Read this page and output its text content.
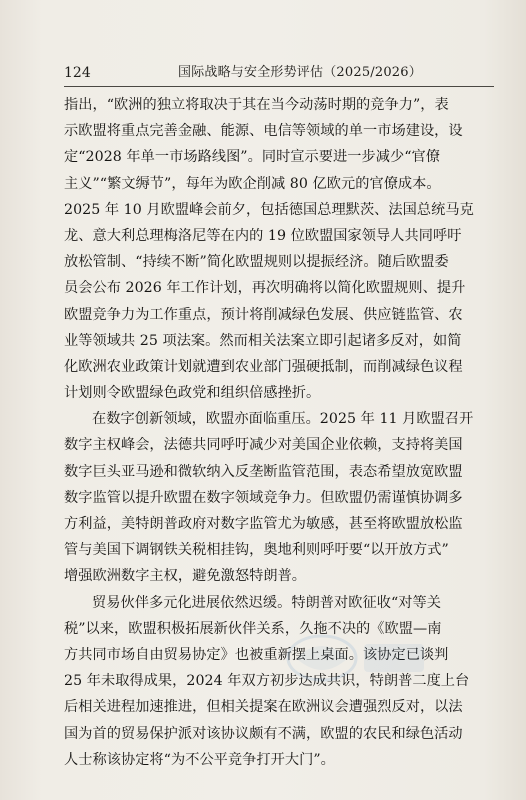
124	国际战略与安全形势评估（2025/2026）
指出，“欧洲的独立将取决于其在当今动荡时期的竞争力”，表
示欧盟将重点完善金融、能源、电信等领域的单一市场建设，设
定“2028 年单一市场路线图”。同时宣示要进一步减少“官僚
主义”“繁文缛节”，每年为欧企削减 80 亿欧元的官僚成本。
2025 年 10 月欧盟峰会前夕，包括德国总理默茨、法国总统马克
龙、意大利总理梅洛尼等在内的 19 位欧盟国家领导人共同呼吁
放松管制、“持续不断”简化欧盟规则以提振经济。随后欧盟委
员会公布 2026 年工作计划，再次明确将以简化欧盟规则、提升
欧盟竞争力为工作重点，预计将削减绿色发展、供应链监管、农
业等领域共 25 项法案。然而相关法案立即引起诸多反对，如简
化欧洲农业政策计划就遭到农业部门强硬抵制，而削减绿色议程
计划则令欧盟绿色政党和组织倍感挫折。
在数字创新领域，欧盟亦面临重压。2025 年 11 月欧盟召开
数字主权峰会，法德共同呼吁减少对美国企业依赖，支持将美国
数字巨头亚马逊和微软纳入反垄断监管范围，表态希望放宽欧盟
数字监管以提升欧盟在数字领域竞争力。但欧盟仍需谨慎协调多
方利益，美特朗普政府对数字监管尤为敏感，甚至将欧盟放松监
管与美国下调钢铁关税相挂钩，奥地利则呼吁要“以开放方式”
增强欧洲数字主权，避免激怒特朗普。
贸易伙伴多元化进展依然迟缓。特朗普对欧征收“对等关
税”以来，欧盟积极拓展新伙伴关系，久拖不决的《欧盟—南
方共同市场自由贸易协定》也被重新摆上桌面。该协定已谈判
25 年未取得成果，2024 年双方初步达成共识，特朗普二度上台
后相关进程加速推进，但相关提案在欧洲议会遭强烈反对，以法
国为首的贸易保护派对该协议颇有不满，欧盟的农民和绿色活动
人士称该协定将“为不公平竞争打开大门”。
